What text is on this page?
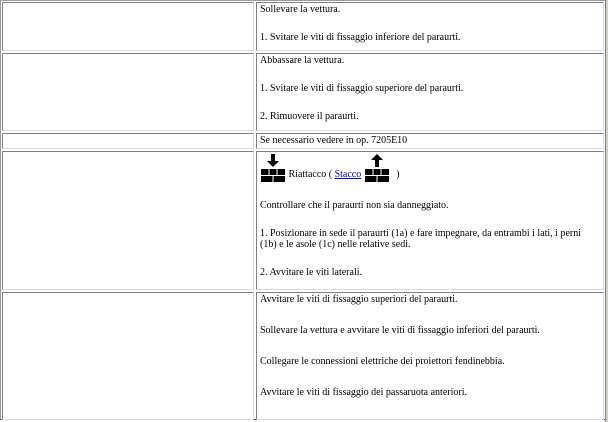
Sollevare la vettura.

1. Svitare le viti di fissaggio inferiore del paraurti.

Abbassare la vettura.

1. Svitare le viti di fissaggio superiore del paraurti.

2. Rimuovere il paraurti.

Se necessario vedere in op. 7205E10

Riattacco ( Stacco	)

Controllare che il paraurti non sia danneggiato.

1. Posizionare in sede il paraurti (1a) e fare impegnare, da entrambi i lati, i perni (1b) e le asole (1c) nelle relative sedi.

2. Avvitare le viti laterali.

Avvitare le viti di fissaggio superiori del paraurti.

Sollevare la vettura e avvitare le viti di fissaggio inferiori del paraurti.

Collegare le connessioni elettriche dei proiettori fendinebbia.

Avvitare le viti di fissaggio dei passaruota anteriori.
